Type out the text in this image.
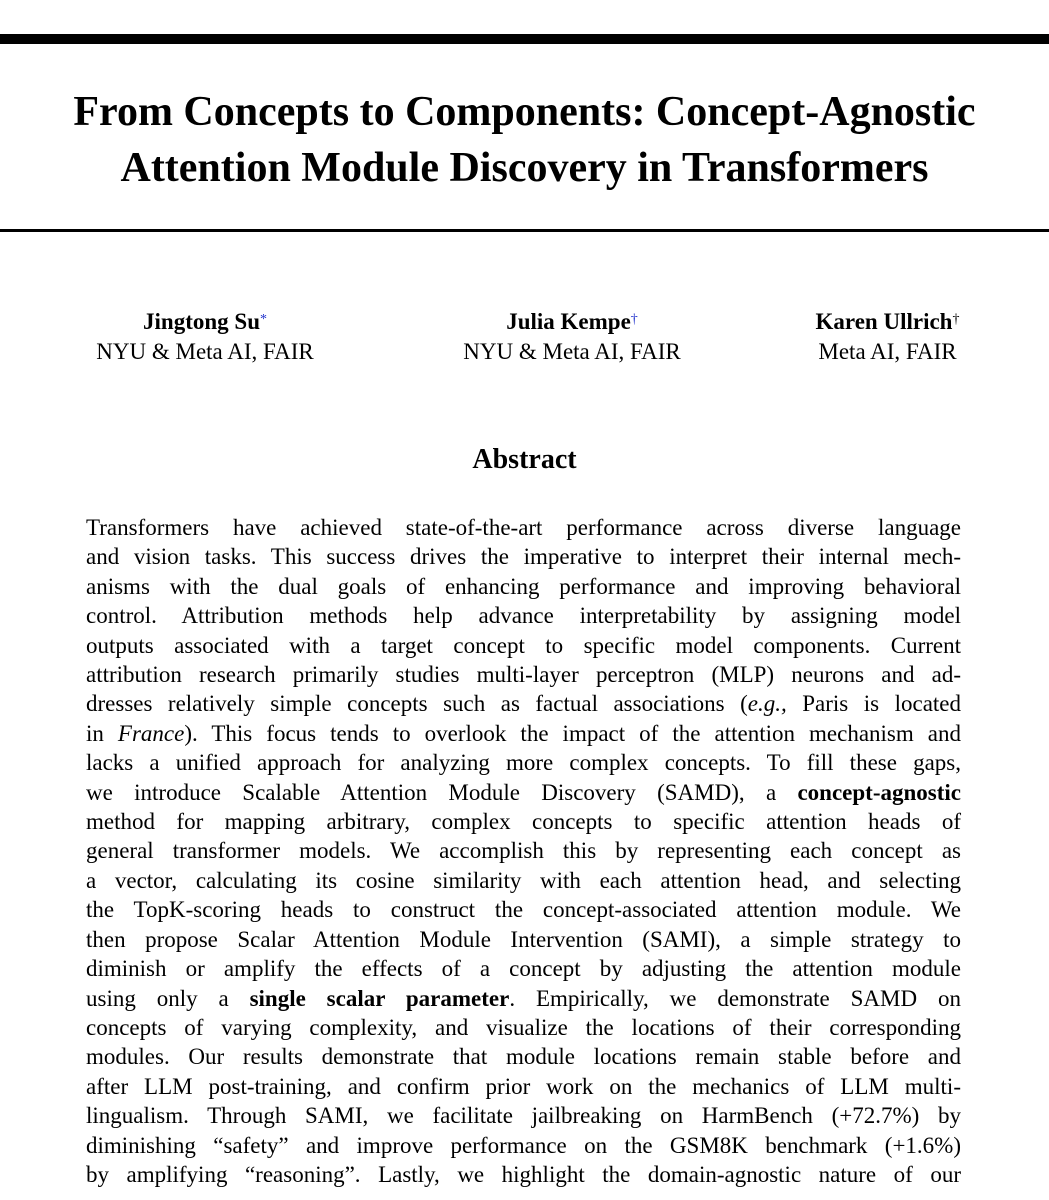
From Concepts to Components: Concept-Agnostic
Attention Module Discovery in Transformers
Jingtong Su*
NYU & Meta AI, FAIR
Julia Kempe†
NYU & Meta AI, FAIR
Karen Ullrich†
Meta AI, FAIR
Abstract
Transformers have achieved state-of-the-art performance across diverse language
and vision tasks. This success drives the imperative to interpret their internal mech-
anisms with the dual goals of enhancing performance and improving behavioral
control. Attribution methods help advance interpretability by assigning model
outputs associated with a target concept to specific model components. Current
attribution research primarily studies multi-layer perceptron (MLP) neurons and ad-
dresses relatively simple concepts such as factual associations (e.g., Paris is located
in France). This focus tends to overlook the impact of the attention mechanism and
lacks a unified approach for analyzing more complex concepts. To fill these gaps,
we introduce Scalable Attention Module Discovery (SAMD), a concept-agnostic
method for mapping arbitrary, complex concepts to specific attention heads of
general transformer models. We accomplish this by representing each concept as
a vector, calculating its cosine similarity with each attention head, and selecting
the TopK-scoring heads to construct the concept-associated attention module. We
then propose Scalar Attention Module Intervention (SAMI), a simple strategy to
diminish or amplify the effects of a concept by adjusting the attention module
using only a single scalar parameter. Empirically, we demonstrate SAMD on
concepts of varying complexity, and visualize the locations of their corresponding
modules. Our results demonstrate that module locations remain stable before and
after LLM post-training, and confirm prior work on the mechanics of LLM multi-
lingualism. Through SAMI, we facilitate jailbreaking on HarmBench (+72.7%) by
diminishing “safety” and improve performance on the GSM8K benchmark (+1.6%)
by amplifying “reasoning”. Lastly, we highlight the domain-agnostic nature of our
